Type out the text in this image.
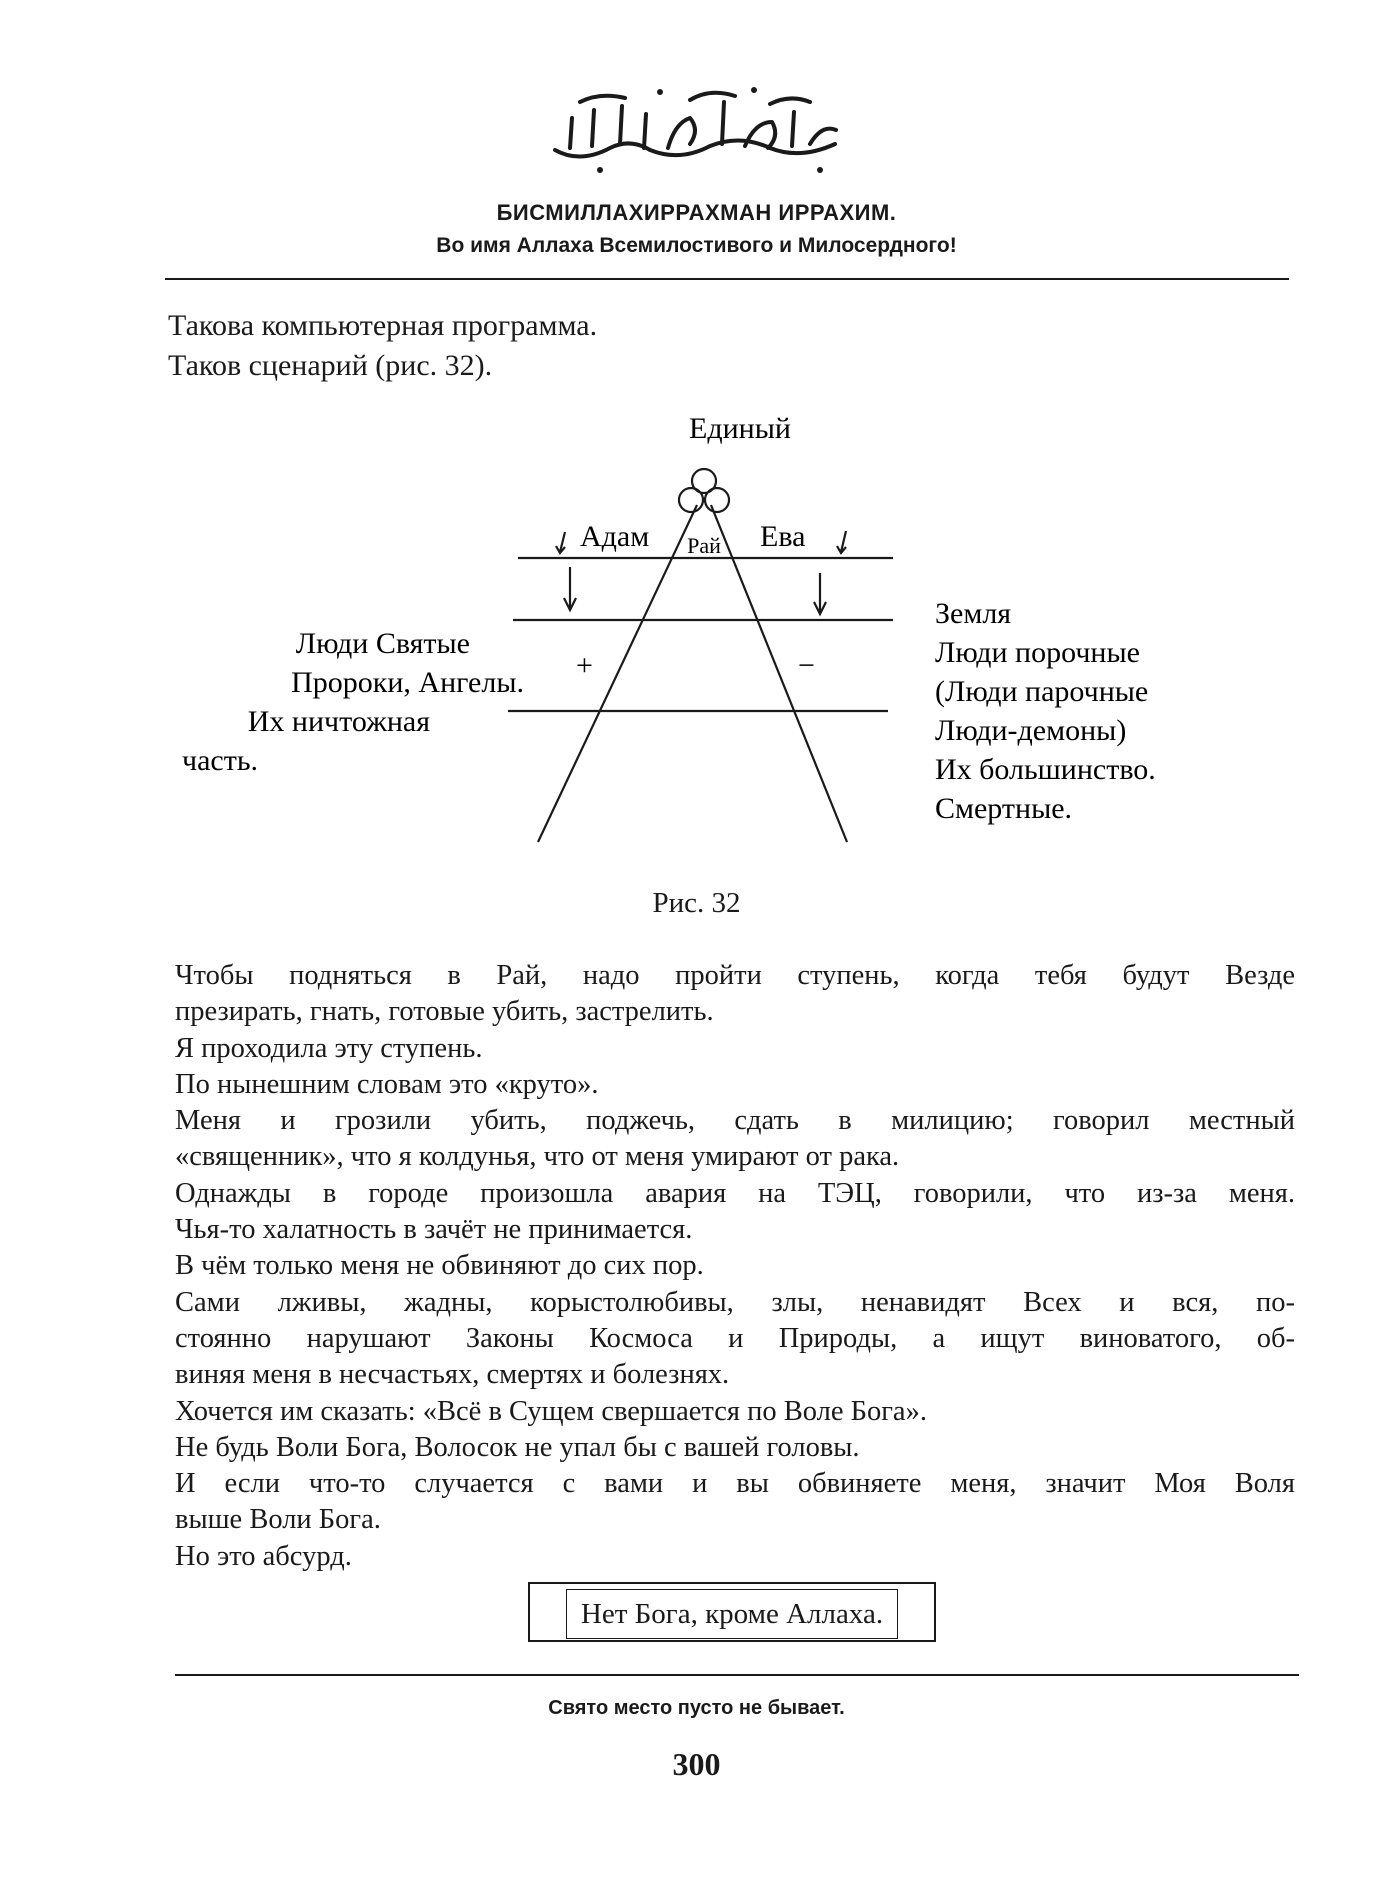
БИСМИЛЛАХИРРАХМАН ИРРАХИМ.
Во имя Аллаха Всемилостивого и Милосердного!
Такова компьютерная программа.
Таков сценарий (рис. 32).
Единый
Адам Рай Ева
+	−
Люди Святые
Пророки, Ангелы.
Их ничтожная
часть.
Земля
Люди порочные
(Люди парочные
Люди-демоны)
Их большинство.
Смертные.
Рис. 32
Чтобы подняться в Рай, надо пройти ступень, когда тебя будут Везде
презирать, гнать, готовые убить, застрелить.
Я проходила эту ступень.
По нынешним словам это «круто».
Меня и грозили убить, поджечь, сдать в милицию; говорил местный
«священник», что я колдунья, что от меня умирают от рака.
Однажды в городе произошла авария на ТЭЦ, говорили, что из-за меня.
Чья-то халатность в зачёт не принимается.
В чём только меня не обвиняют до сих пор.
Сами лживы, жадны, корыстолюбивы, злы, ненавидят Всех и вся, по-
стоянно нарушают Законы Космоса и Природы, а ищут виноватого, об-
виняя меня в несчастьях, смертях и болезнях.
Хочется им сказать: «Всё в Сущем свершается по Воле Бога».
Не будь Воли Бога, Волосок не упал бы с вашей головы.
И если что-то случается с вами и вы обвиняете меня, значит Моя Воля
выше Воли Бога.
Но это абсурд.
Нет Бога, кроме Аллаха.
Свято место пусто не бывает.
300
